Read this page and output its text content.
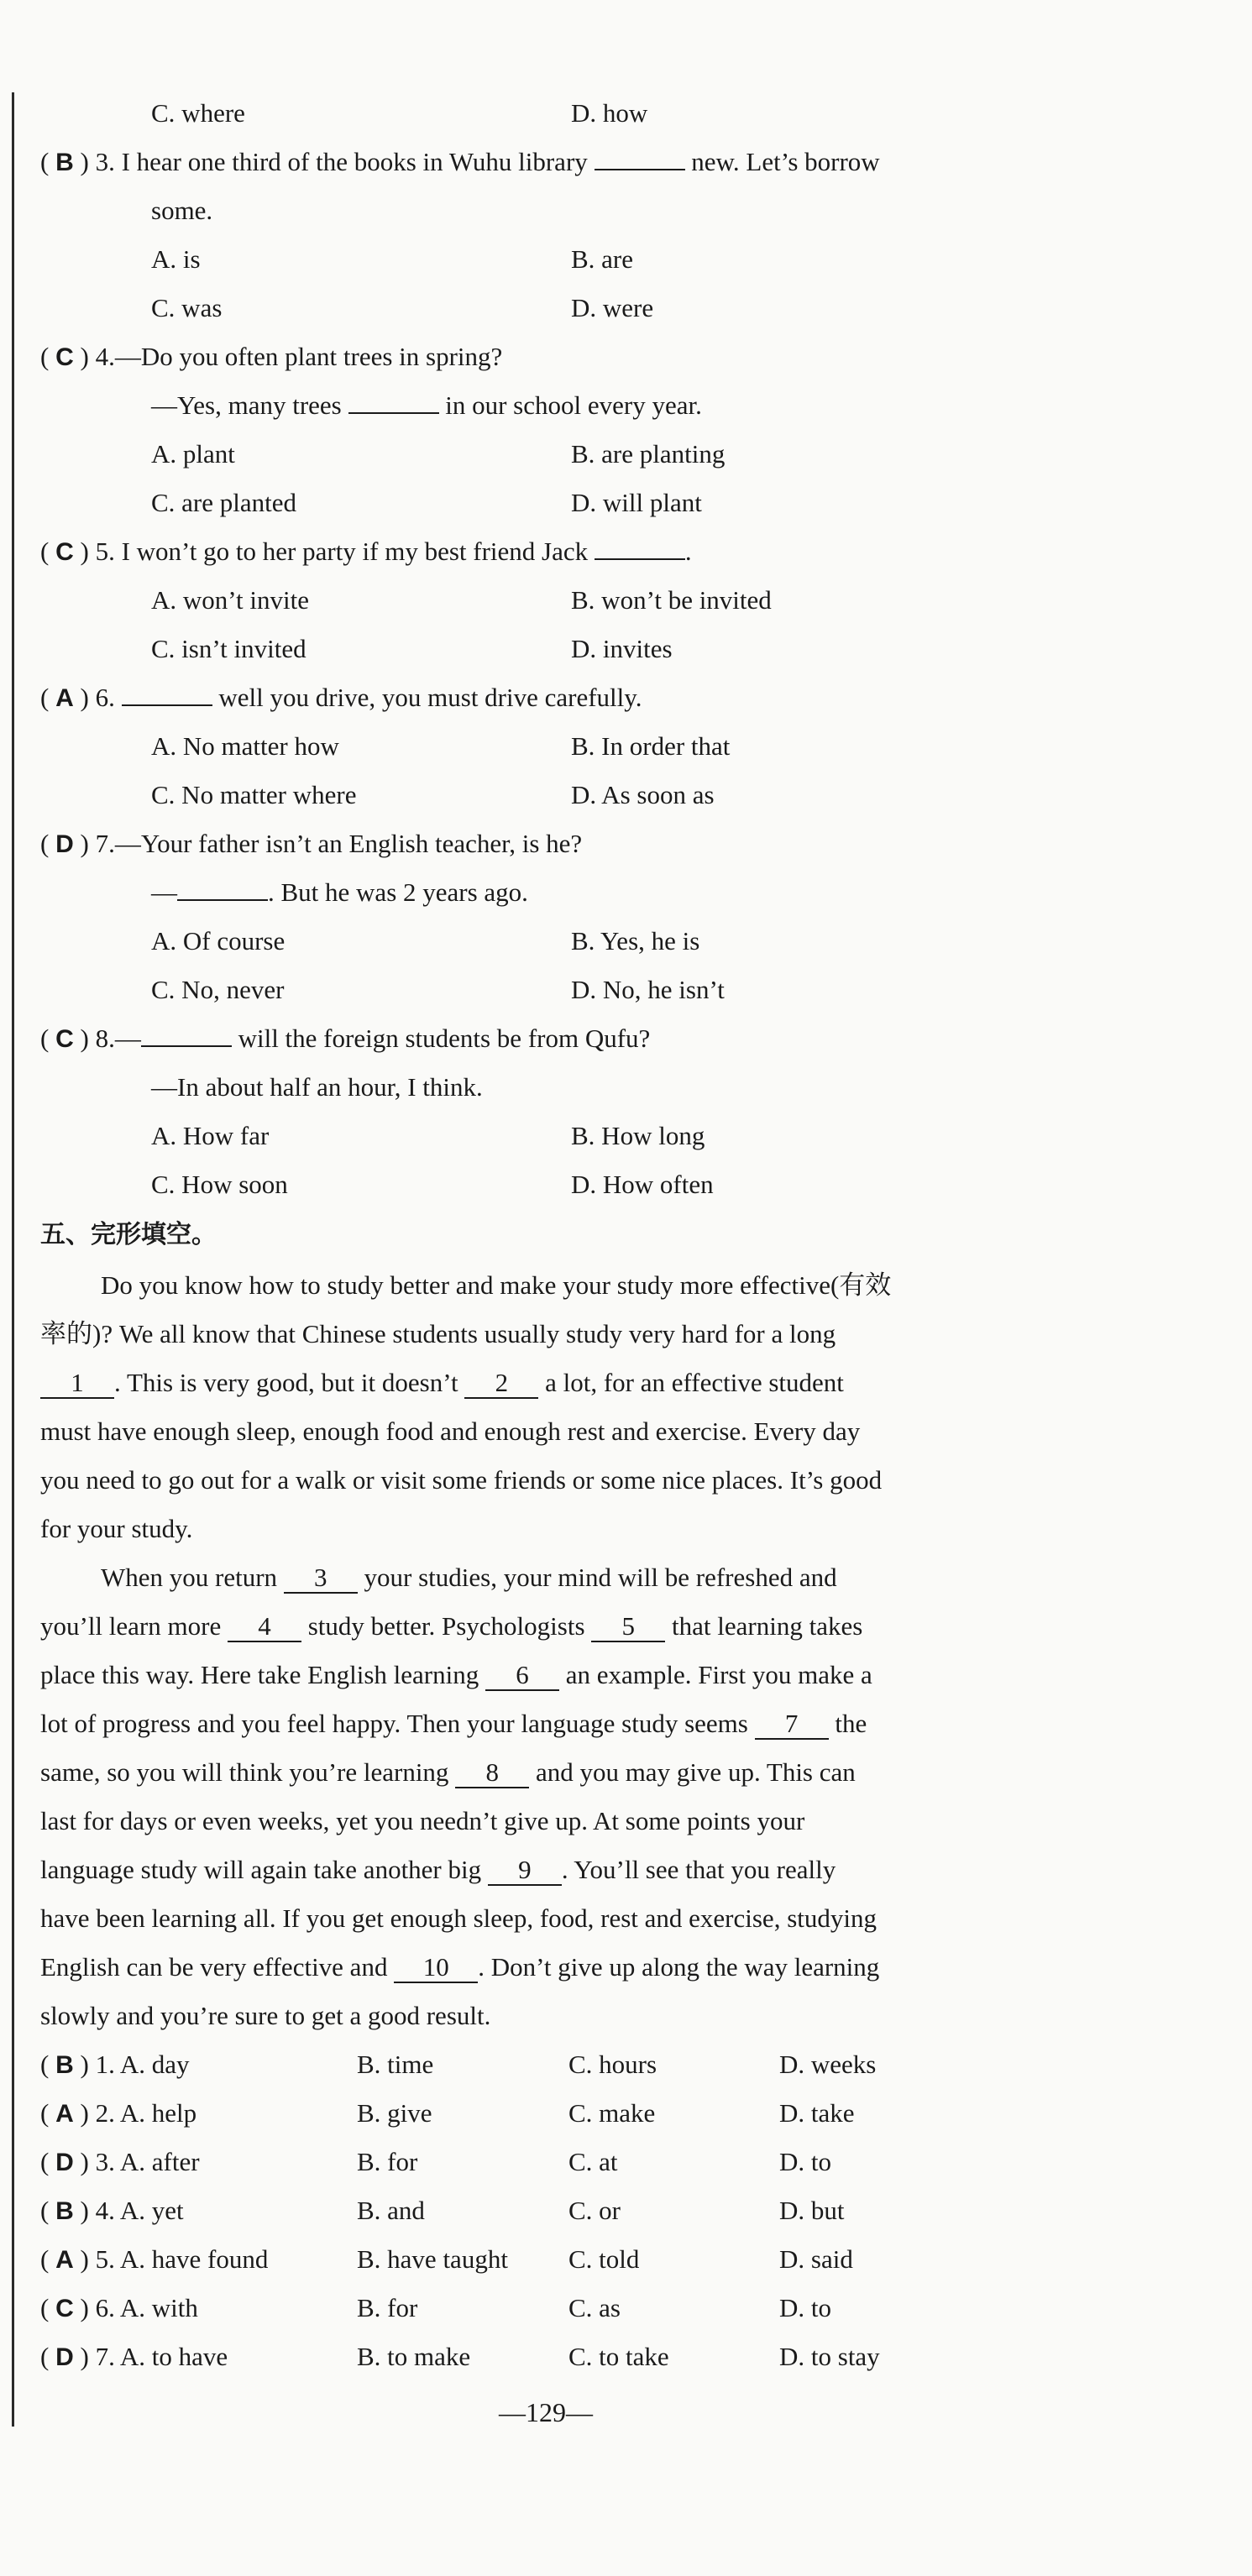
C. where	D. how
( B ) 3. I hear one third of the books in Wuhu library	new. Let’s borrow
some.
A. is	B. are
C. was	D. were
( C ) 4.—Do you often plant trees in spring?
—Yes, many trees	in our school every year.
A. plant	B. are planting
C. are planted	D. will plant
( C ) 5. I won’t go to her party if my best friend Jack	.
A. won’t invite	B. won’t be invited
C. isn’t invited	D. invites
( A ) 6.	well you drive, you must drive carefully.
A. No matter how	B. In order that
C. No matter where	D. As soon as
( D ) 7.—Your father isn’t an English teacher, is he?
—	. But he was 2 years ago.
A. Of course	B. Yes, he is
C. No, never	D. No, he isn’t
( C ) 8.—	will the foreign students be from Qufu?
—In about half an hour, I think.
A. How far	B. How long
C. How soon	D. How often
五、完形填空。
Do you know how to study better and make your study more effective(有效
率的)? We all know that Chinese students usually study very hard for a long
1 . This is very good, but it doesn’t 2 a lot, for an effective student
must have enough sleep, enough food and enough rest and exercise. Every day
you need to go out for a walk or visit some friends or some nice places. It’s good
for your study.
When you return 3 your studies, your mind will be refreshed and
you’ll learn more 4 study better. Psychologists 5 that learning takes
place this way. Here take English learning 6 an example. First you make a
lot of progress and you feel happy. Then your language study seems 7 the
same, so you will think you’re learning 8 and you may give up. This can
last for days or even weeks, yet you needn’t give up. At some points your
language study will again take another big 9 . You’ll see that you really
have been learning all. If you get enough sleep, food, rest and exercise, studying
English can be very effective and 10 . Don’t give up along the way learning
slowly and you’re sure to get a good result.
( B ) 1. A. day	B. time	C. hours	D. weeks
( A ) 2. A. help	B. give	C. make	D. take
( D ) 3. A. after	B. for	C. at	D. to
( B ) 4. A. yet	B. and	C. or	D. but
( A ) 5. A. have found	B. have taught C. told	D. said
( C ) 6. A. with	B. for	C. as	D. to
( D ) 7. A. to have	B. to make	C. to take	D. to stay
—129—
